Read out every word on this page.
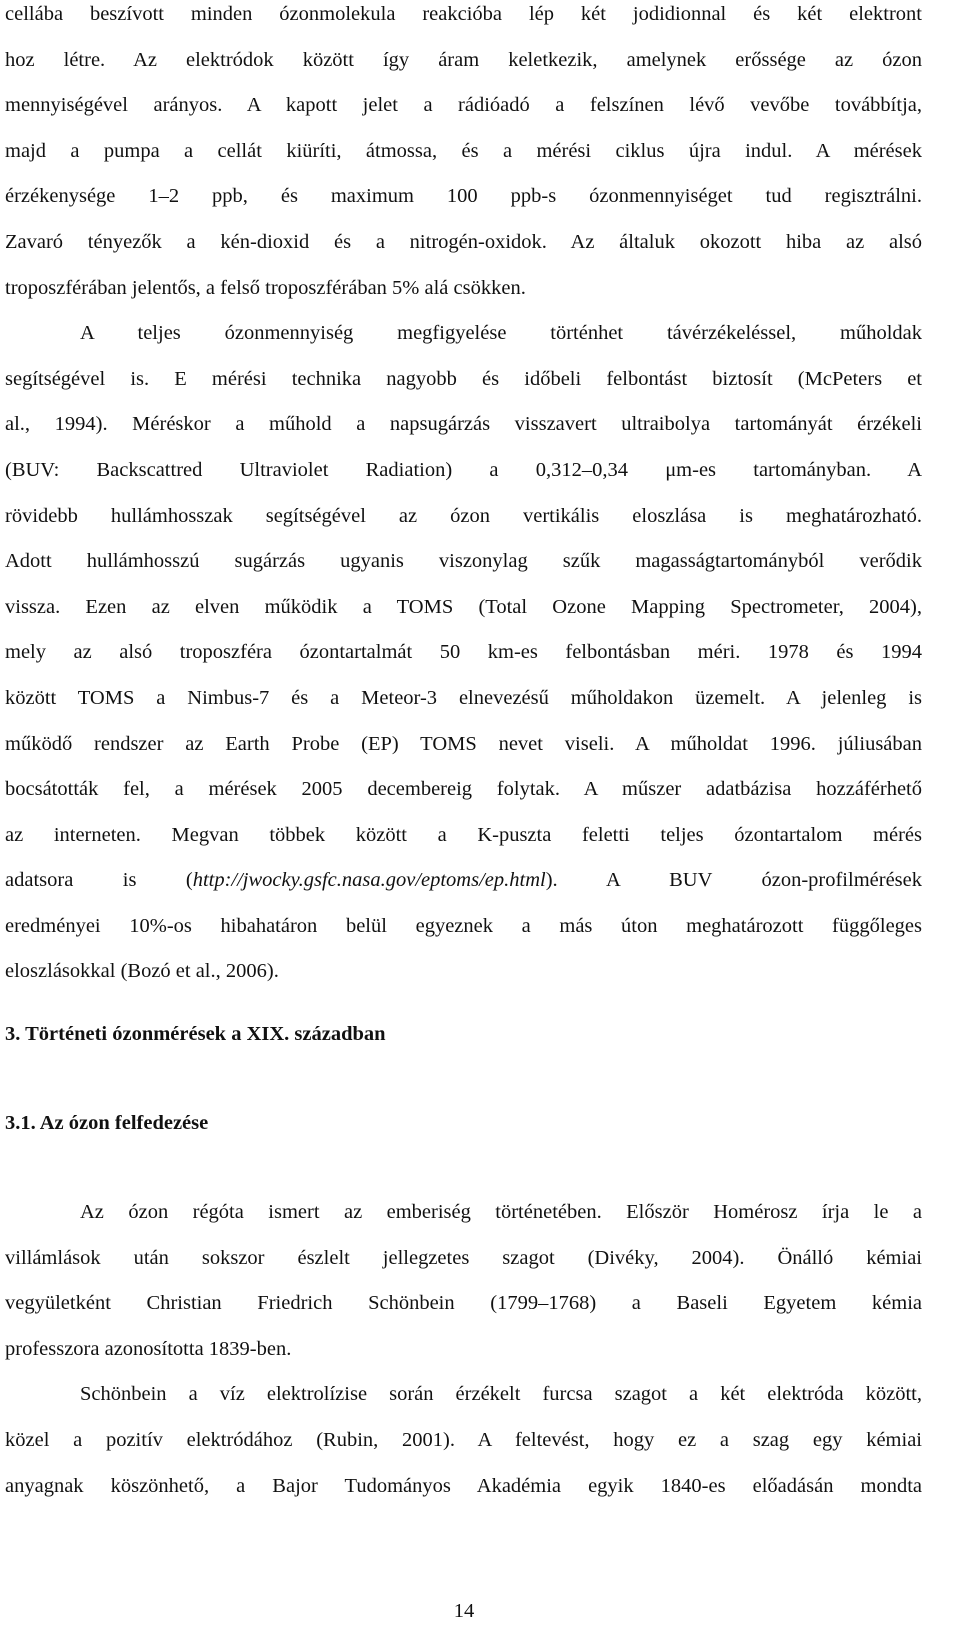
cellába beszívott minden ózonmolekula reakcióba lép két jodidionnal és két elektront
hoz létre. Az elektródok között így áram keletkezik, amelynek erőssége az ózon
mennyiségével arányos. A kapott jelet a rádióadó a felszínen lévő vevőbe továbbítja,
majd a pumpa a cellát kiüríti, átmossa, és a mérési ciklus újra indul. A mérések
érzékenysége 1–2 ppb, és maximum 100 ppb-s ózonmennyiséget tud regisztrálni.
Zavaró tényezők a kén-dioxid és a nitrogén-oxidok. Az általuk okozott hiba az alsó
troposzférában jelentős, a felső troposzférában 5% alá csökken.

A teljes ózonmennyiség megfigyelése történhet távérzékeléssel, műholdak
segítségével is. E mérési technika nagyobb és időbeli felbontást biztosít (McPeters et
al., 1994). Méréskor a műhold a napsugárzás visszavert ultraibolya tartományát érzékeli
(BUV: Backscattred Ultraviolet Radiation) a 0,312–0,34 μm-es tartományban. A
rövidebb hullámhosszak segítségével az ózon vertikális eloszlása is meghatározható.
Adott hullámhosszú sugárzás ugyanis viszonylag szűk magasságtartományból verődik
vissza. Ezen az elven működik a TOMS (Total Ozone Mapping Spectrometer, 2004),
mely az alsó troposzféra ózontartalmát 50 km-es felbontásban méri. 1978 és 1994
között TOMS a Nimbus-7 és a Meteor-3 elnevezésű műholdakon üzemelt. A jelenleg is
működő rendszer az Earth Probe (EP) TOMS nevet viseli. A műholdat 1996. júliusában
bocsátották fel, a mérések 2005 decembereig folytak. A műszer adatbázisa hozzáférhető
az interneten. Megvan többek között a K-puszta feletti teljes ózontartalom mérés
adatsora is (http://jwocky.gsfc.nasa.gov/eptoms/ep.html). A BUV ózon-profilmérések
eredményei 10%-os hibahatáron belül egyeznek a más úton meghatározott függőleges
eloszlásokkal (Bozó et al., 2006).

3. Történeti ózonmérések a XIX. században
3.1. Az ózon felfedezése

Az ózon régóta ismert az emberiség történetében. Először Homérosz írja le a
villámlások után sokszor észlelt jellegzetes szagot (Divéky, 2004). Önálló kémiai
vegyületként Christian Friedrich Schönbein (1799–1768) a Baseli Egyetem kémia
professzora azonosította 1839-ben.

Schönbein a víz elektrolízise során érzékelt furcsa szagot a két elektróda között,
közel a pozitív elektródához (Rubin, 2001). A feltevést, hogy ez a szag egy kémiai
anyagnak köszönhető, a Bajor Tudományos Akadémia egyik 1840-es előadásán mondta

14
